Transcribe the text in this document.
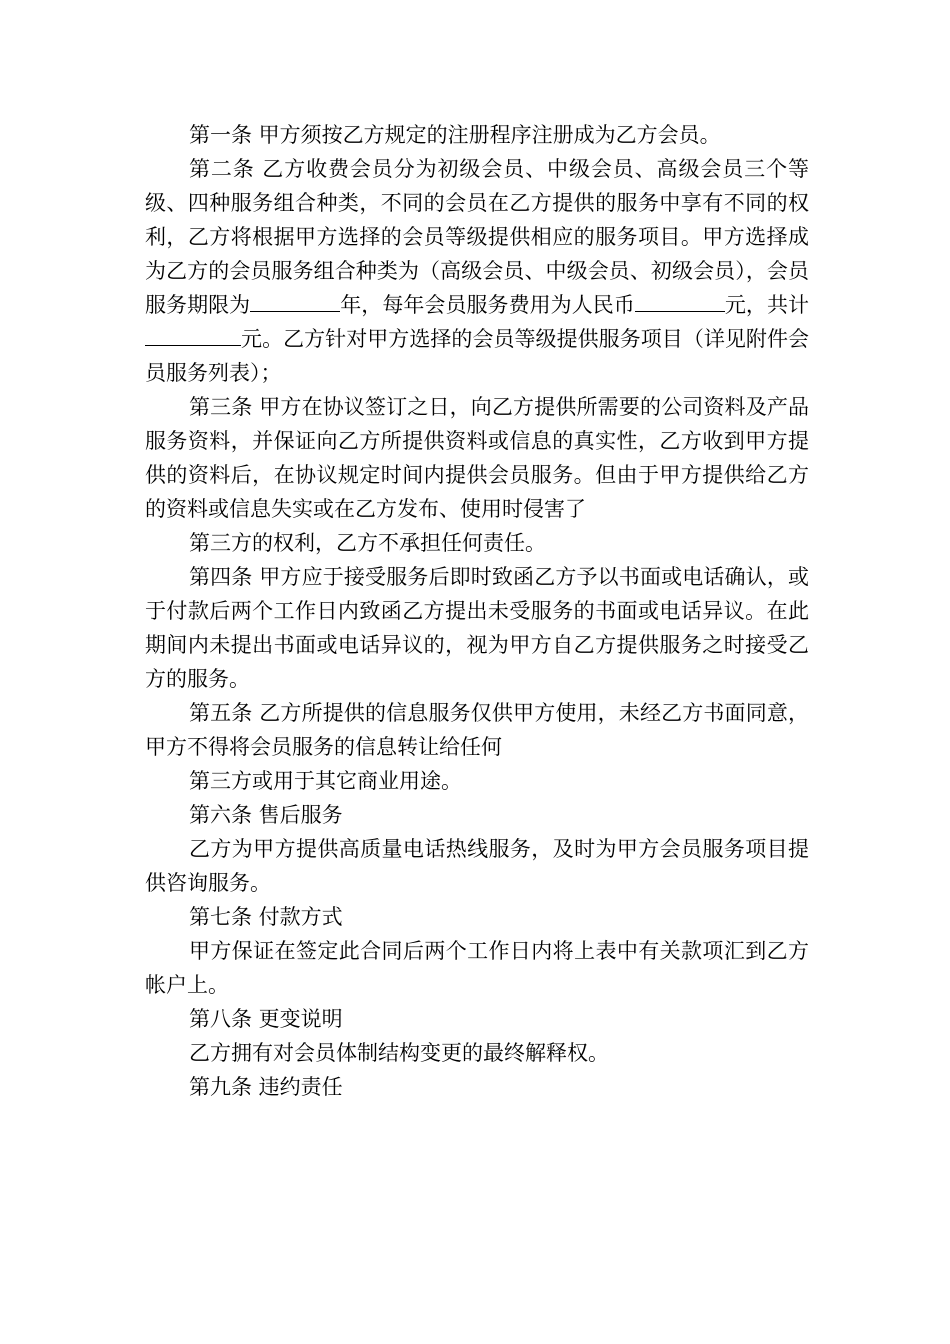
第一条 甲方须按乙方规定的注册程序注册成为乙方会员。

第二条 乙方收费会员分为初级会员、中级会员、高级会员三个等级、四种服务组合种类，不同的会员在乙方提供的服务中享有不同的权利，乙方将根据甲方选择的会员等级提供相应的服务项目。甲方选择成为乙方的会员服务组合种类为（高级会员、中级会员、初级会员），会员服务期限为	年，每年会员服务费用为人民币	元，共计元。乙方针对甲方选择的会员等级提供服务项目（详见附件会员服务列表）；

第三条 甲方在协议签订之日，向乙方提供所需要的公司资料及产品服务资料，并保证向乙方所提供资料或信息的真实性，乙方收到甲方提供的资料后，在协议规定时间内提供会员服务。但由于甲方提供给乙方的资料或信息失实或在乙方发布、使用时侵害了

第三方的权利，乙方不承担任何责任。

第四条 甲方应于接受服务后即时致函乙方予以书面或电话确认，或于付款后两个工作日内致函乙方提出未受服务的书面或电话异议。在此期间内未提出书面或电话异议的，视为甲方自乙方提供服务之时接受乙方的服务。

第五条 乙方所提供的信息服务仅供甲方使用，未经乙方书面同意，甲方不得将会员服务的信息转让给任何

第三方或用于其它商业用途。

第六条 售后服务

乙方为甲方提供高质量电话热线服务，及时为甲方会员服务项目提供咨询服务。

第七条 付款方式

甲方保证在签定此合同后两个工作日内将上表中有关款项汇到乙方帐户上。

第八条 更变说明

乙方拥有对会员体制结构变更的最终解释权。

第九条 违约责任
